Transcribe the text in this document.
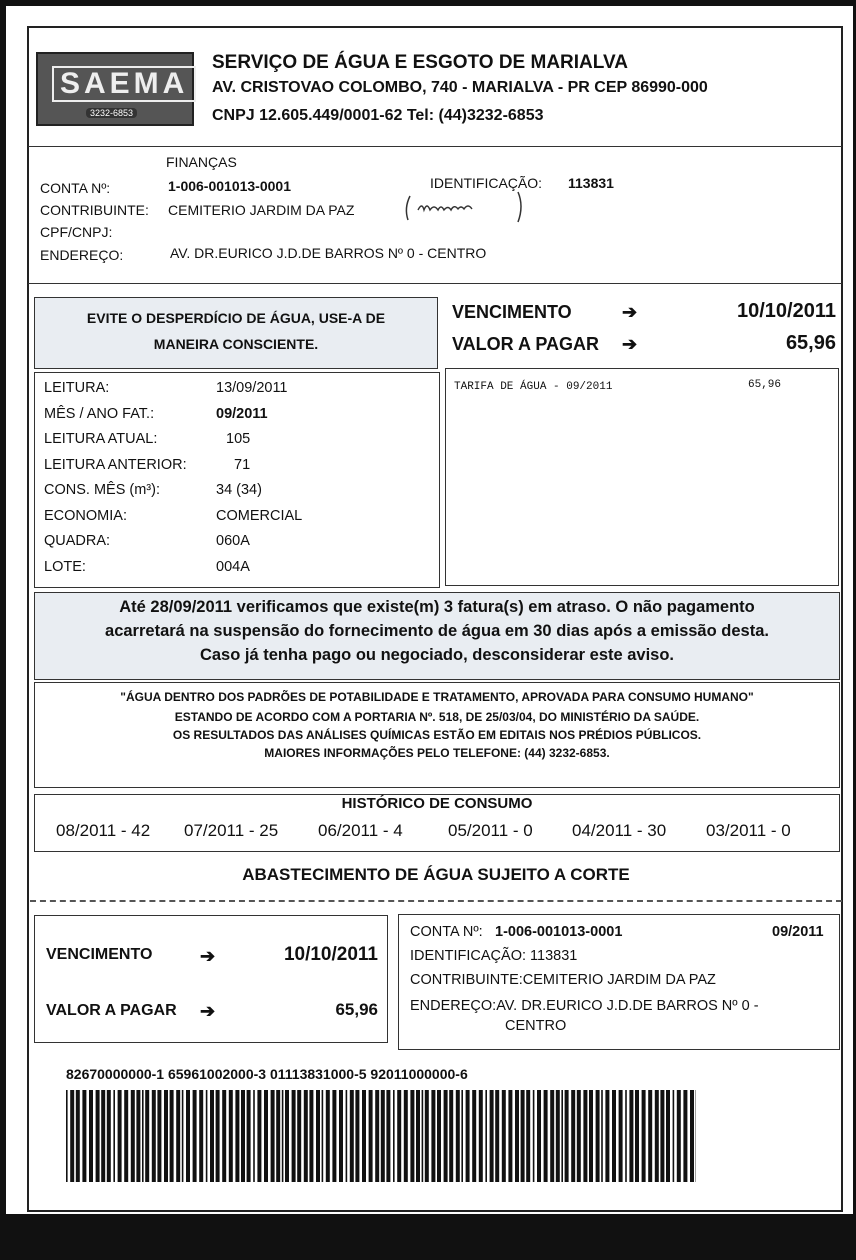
SAEMA
3232-6853
SERVIÇO DE ÁGUA E ESGOTO DE MARIALVA
AV. CRISTOVAO COLOMBO, 740 - MARIALVA - PR CEP 86990-000
CNPJ 12.605.449/0001-62 Tel: (44)3232-6853
FINANÇAS
CONTA Nº:	1-006-001013-0001	IDENTIFICAÇÃO: 113831
CONTRIBUINTE: CEMITERIO JARDIM DA PAZ
CPF/CNPJ:
ENDEREÇO:	AV. DR.EURICO J.D.DE BARROS Nº 0 - CENTRO
EVITE O DESPERDÍCIO DE ÁGUA, USE-A DE
MANEIRA CONSCIENTE.
VENCIMENTO	➔	10/10/2011
VALOR A PAGAR ➔	65,96
LEITURA:	13/09/2011
MÊS / ANO FAT.:	09/2011
LEITURA ATUAL:	105
LEITURA ANTERIOR:	71
CONS. MÊS (m³):	34 (34)
ECONOMIA:	COMERCIAL
QUADRA:	060A
LOTE:	004A
TARIFA DE ÁGUA - 09/2011	65,96
Até 28/09/2011 verificamos que existe(m) 3 fatura(s) em atraso. O não pagamento
acarretará na suspensão do fornecimento de água em 30 dias após a emissão desta.
Caso já tenha pago ou negociado, desconsiderar este aviso.
"ÁGUA DENTRO DOS PADRÕES DE POTABILIDADE E TRATAMENTO, APROVADA PARA CONSUMO HUMANO"
ESTANDO DE ACORDO COM A PORTARIA Nº. 518, DE 25/03/04, DO MINISTÉRIO DA SAÚDE.
OS RESULTADOS DAS ANÁLISES QUÍMICAS ESTÃO EM EDITAIS NOS PRÉDIOS PÚBLICOS.
MAIORES INFORMAÇÕES PELO TELEFONE: (44) 3232-6853.
HISTÓRICO DE CONSUMO
08/2011 - 42 07/2011 - 25 06/2011 - 4	05/2011 - 0 04/2011 - 30 03/2011 - 0
ABASTECIMENTO DE ÁGUA SUJEITO A CORTE
VENCIMENTO	➔	10/10/2011
VALOR A PAGAR ➔	65,96
CONTA Nº: 1-006-001013-0001	09/2011
IDENTIFICAÇÃO: 113831
CONTRIBUINTE:CEMITERIO JARDIM DA PAZ
ENDEREÇO:AV. DR.EURICO J.D.DE BARROS Nº 0 -
CENTRO
82670000000-1 65961002000-3 01113831000-5 92011000000-6
